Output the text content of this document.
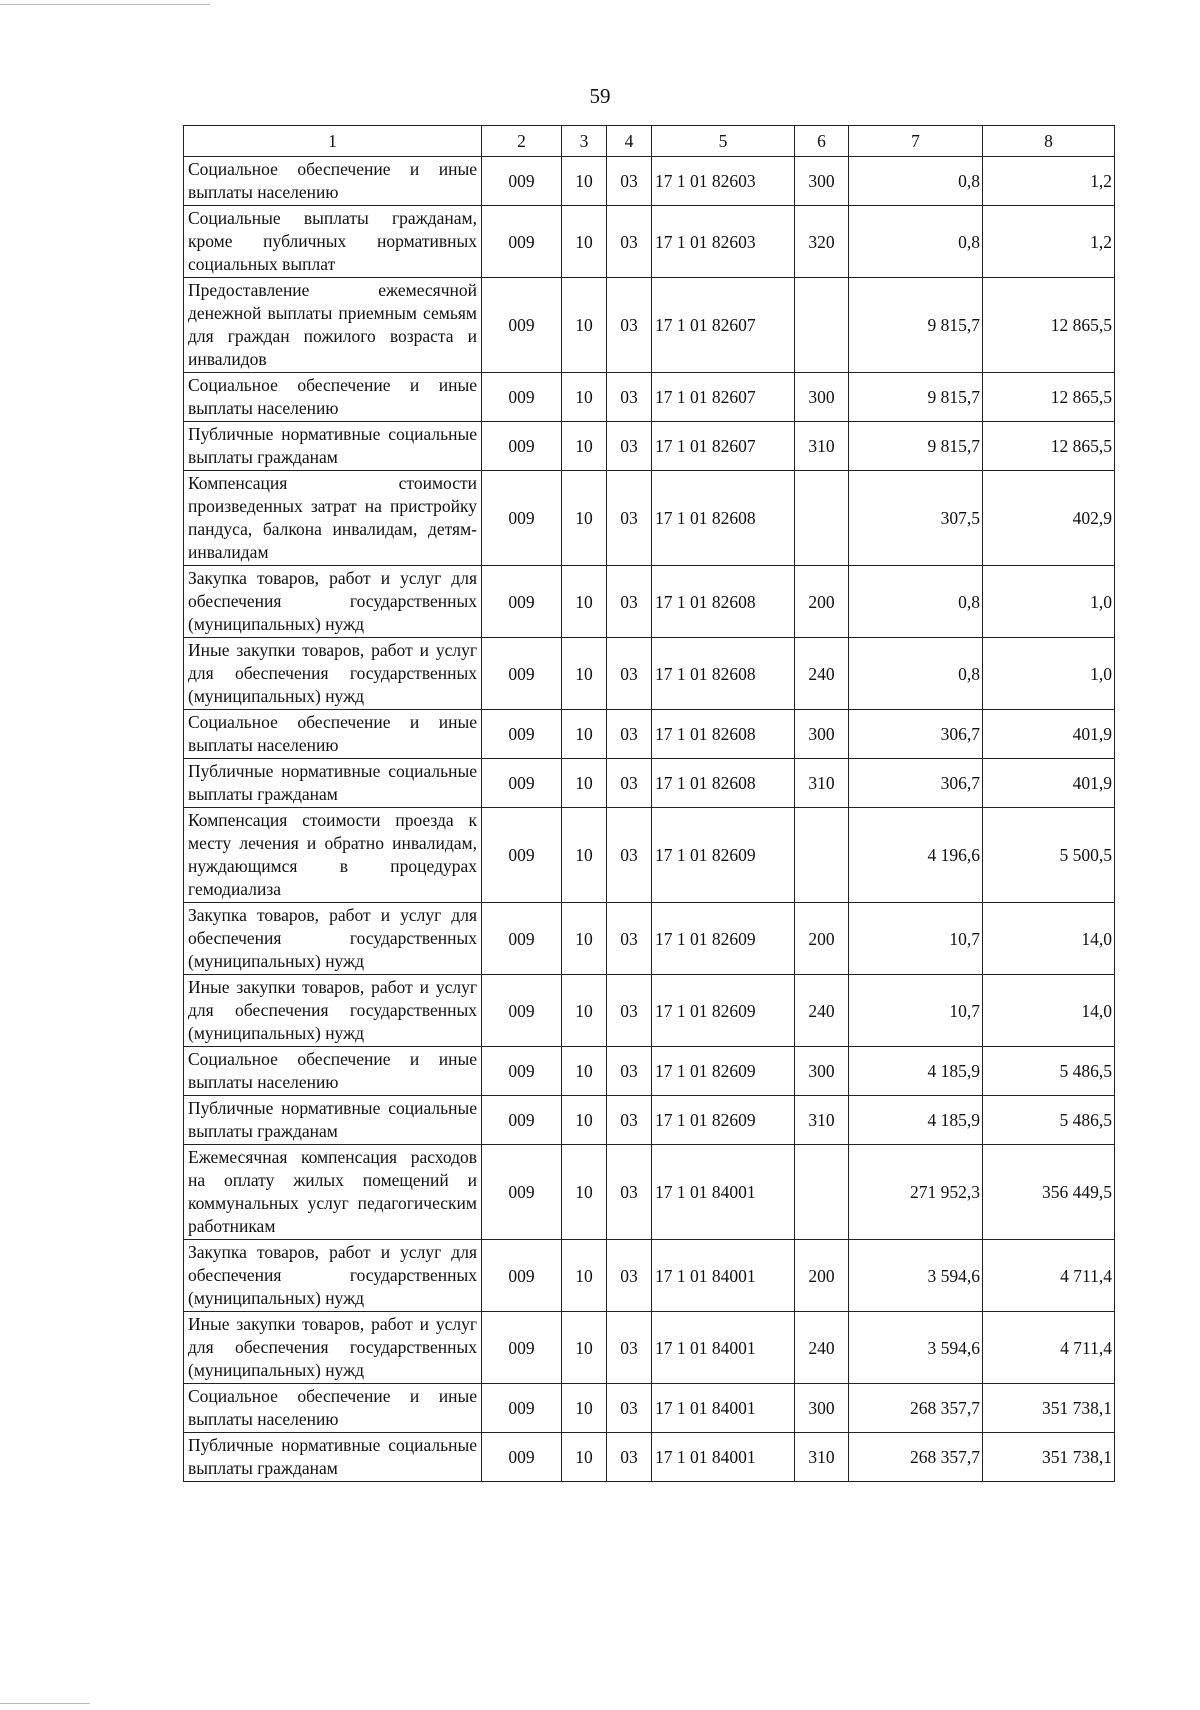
59
1	2	3	4	5	6	7	8
Социальное обеспечение и иные выплаты населению	009	10	03	17 1 01 82603	300	0,8	1,2
Социальные выплаты гражданам, кроме публичных нормативных социальных выплат	009	10	03	17 1 01 82603	320	0,8	1,2
Предоставление ежемесячной денежной выплаты приемным семьям для граждан пожилого возраста и инвалидов	009	10	03	17 1 01 82607		9 815,7	12 865,5
Социальное обеспечение и иные выплаты населению	009	10	03	17 1 01 82607	300	9 815,7	12 865,5
Публичные нормативные социальные выплаты гражданам	009	10	03	17 1 01 82607	310	9 815,7	12 865,5
Компенсация стоимости произведенных затрат на пристройку пандуса, балкона инвалидам, детям-инвалидам	009	10	03	17 1 01 82608		307,5	402,9
Закупка товаров, работ и услуг для обеспечения государственных (муниципальных) нужд	009	10	03	17 1 01 82608	200	0,8	1,0
Иные закупки товаров, работ и услуг для обеспечения государственных (муниципальных) нужд	009	10	03	17 1 01 82608	240	0,8	1,0
Социальное обеспечение и иные выплаты населению	009	10	03	17 1 01 82608	300	306,7	401,9
Публичные нормативные социальные выплаты гражданам	009	10	03	17 1 01 82608	310	306,7	401,9
Компенсация стоимости проезда к месту лечения и обратно инвалидам, нуждающимся в процедурах гемодиализа	009	10	03	17 1 01 82609		4 196,6	5 500,5
Закупка товаров, работ и услуг для обеспечения государственных (муниципальных) нужд	009	10	03	17 1 01 82609	200	10,7	14,0
Иные закупки товаров, работ и услуг для обеспечения государственных (муниципальных) нужд	009	10	03	17 1 01 82609	240	10,7	14,0
Социальное обеспечение и иные выплаты населению	009	10	03	17 1 01 82609	300	4 185,9	5 486,5
Публичные нормативные социальные выплаты гражданам	009	10	03	17 1 01 82609	310	4 185,9	5 486,5
Ежемесячная компенсация расходов на оплату жилых помещений и коммунальных услуг педагогическим работникам	009	10	03	17 1 01 84001		271 952,3	356 449,5
Закупка товаров, работ и услуг для обеспечения государственных (муниципальных) нужд	009	10	03	17 1 01 84001	200	3 594,6	4 711,4
Иные закупки товаров, работ и услуг для обеспечения государственных (муниципальных) нужд	009	10	03	17 1 01 84001	240	3 594,6	4 711,4
Социальное обеспечение и иные выплаты населению	009	10	03	17 1 01 84001	300	268 357,7	351 738,1
Публичные нормативные социальные выплаты гражданам	009	10	03	17 1 01 84001	310	268 357,7	351 738,1
